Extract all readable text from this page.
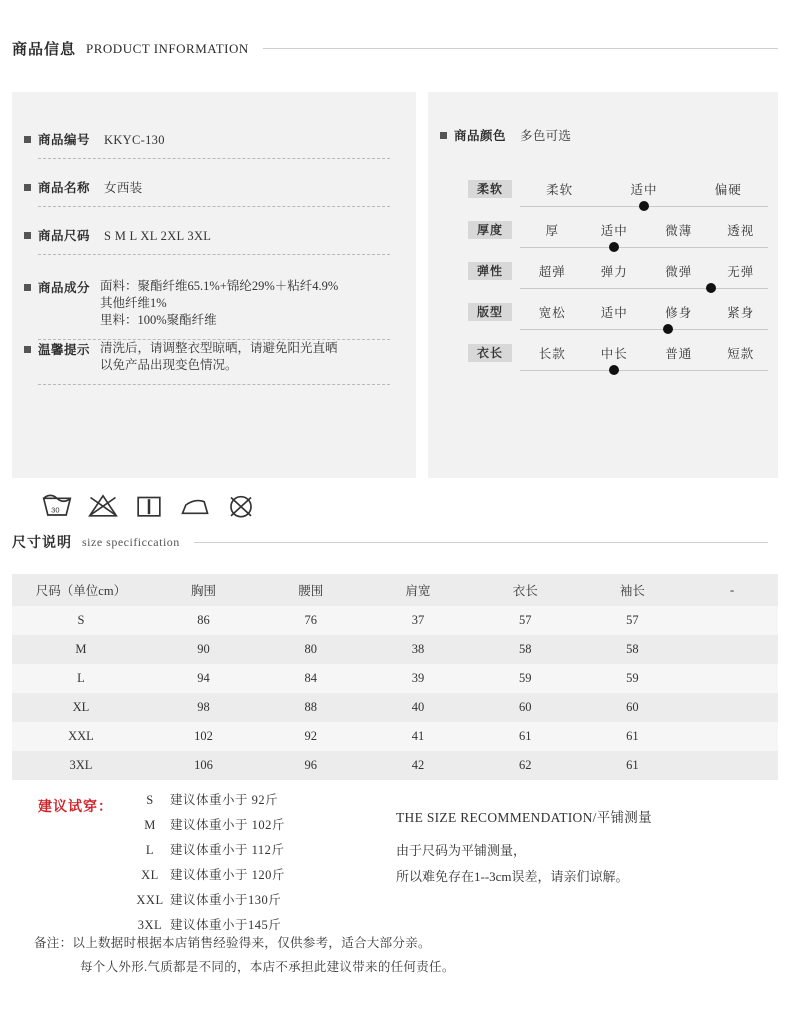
商品信息 PRODUCT INFORMATION
商品编号 KKYC-130
商品名称 女西装
商品尺码 S M L XL 2XL 3XL
商品成分 面料：聚酯纤维65.1%+锦纶29%＋粘纤4.9%
其他纤维1%
里料：100%聚酯纤维
温馨提示 清洗后，请调整衣型晾晒，请避免阳光直晒
以免产品出现变色情况。
30
商品颜色 多色可选
柔软	柔软	适中	偏硬
厚度	厚	适中	微薄	透视
弹性	超弹	弹力	微弹	无弹
版型	宽松	适中	修身	紧身
衣长	长款	中长	普通	短款
尺寸说明 size specificcation
尺码（单位cm）	胸围	腰围	肩宽	衣长	袖长	-
S	86	76	37	57	57	
M	90	80	38	58	58	
L	94	84	39	59	59	
XL	98	88	40	60	60	
XXL	102	92	41	61	61	
3XL	106	96	42	62	61	
建议试穿：	S 建议体重小于 92斤
M 建议体重小于 102斤
L 建议体重小于 112斤
XL 建议体重小于 120斤
XXL 建议体重小于130斤
3XL 建议体重小于145斤
THE SIZE RECOMMENDATION/平铺测量
由于尺码为平铺测量，
所以难免存在1--3cm误差，请亲们谅解。
备注：以上数据时根据本店销售经验得来，仅供参考，适合大部分亲。
每个人外形.气质都是不同的，本店不承担此建议带来的任何责任。
